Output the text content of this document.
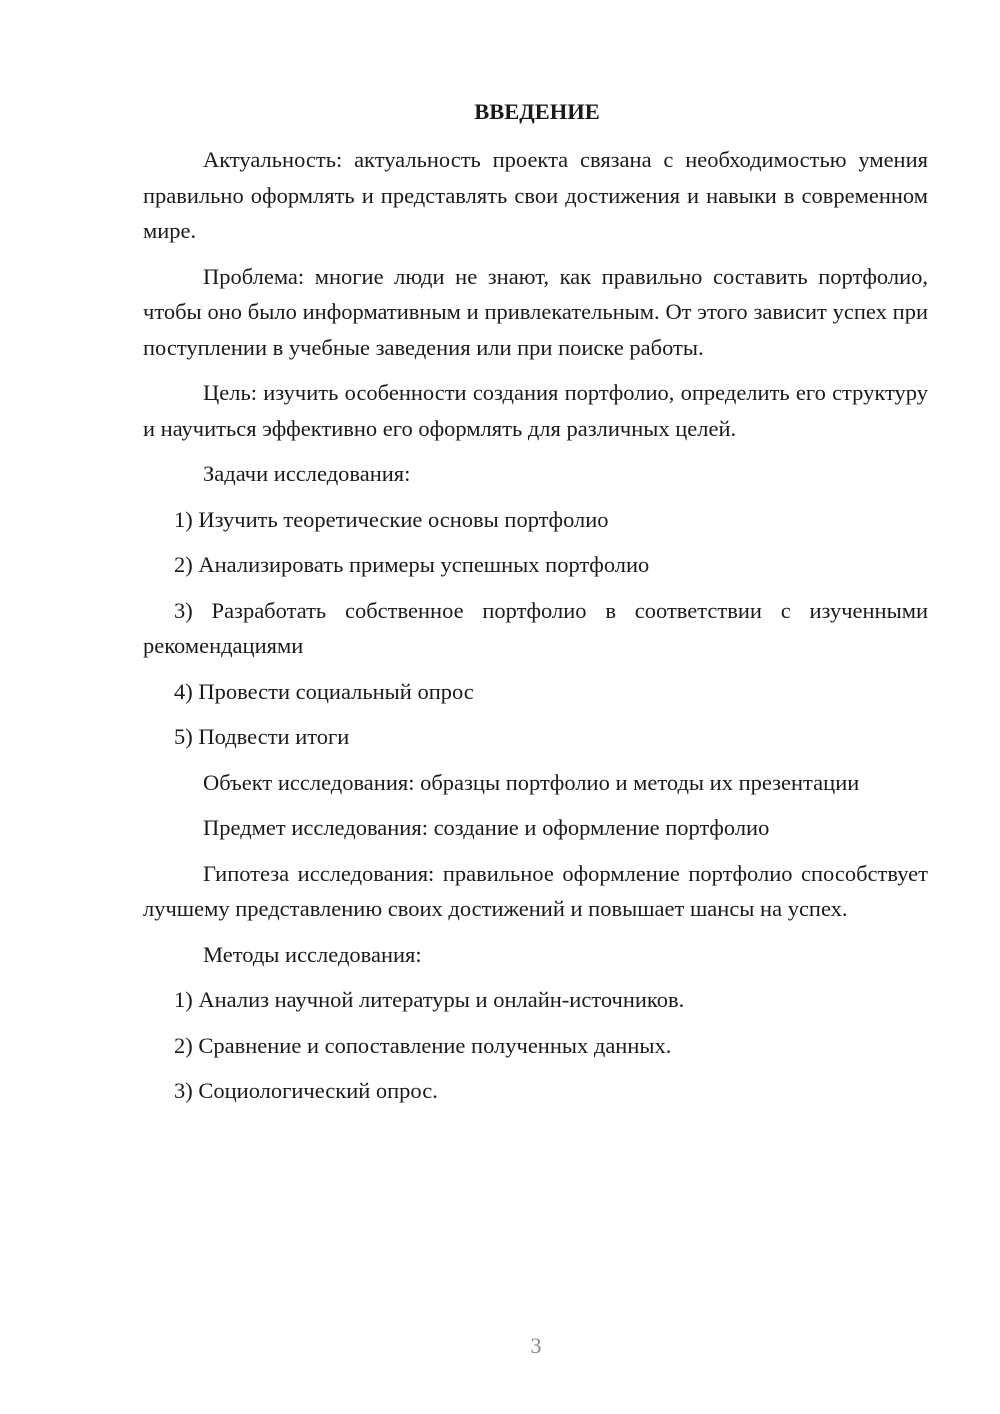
ВВЕДЕНИЕ

Актуальность: актуальность проекта связана с необходимостью умения правильно оформлять и представлять свои достижения и навыки в современном мире.

Проблема: многие люди не знают, как правильно составить портфолио, чтобы оно было информативным и привлекательным. От этого зависит успех при поступлении в учебные заведения или при поиске работы.

Цель: изучить особенности создания портфолио, определить его структуру и научиться эффективно его оформлять для различных целей.

Задачи исследования:

1) Изучить теоретические основы портфолио

2) Анализировать примеры успешных портфолио

3) Разработать собственное портфолио в соответствии с изученными рекомендациями

4) Провести социальный опрос

5) Подвести итоги

Объект исследования: образцы портфолио и методы их презентации

Предмет исследования: создание и оформление портфолио

Гипотеза исследования: правильное оформление портфолио способствует лучшему представлению своих достижений и повышает шансы на успех.

Методы исследования:

1) Анализ научной литературы и онлайн-источников.

2) Сравнение и сопоставление полученных данных.

3) Социологический опрос.

3
